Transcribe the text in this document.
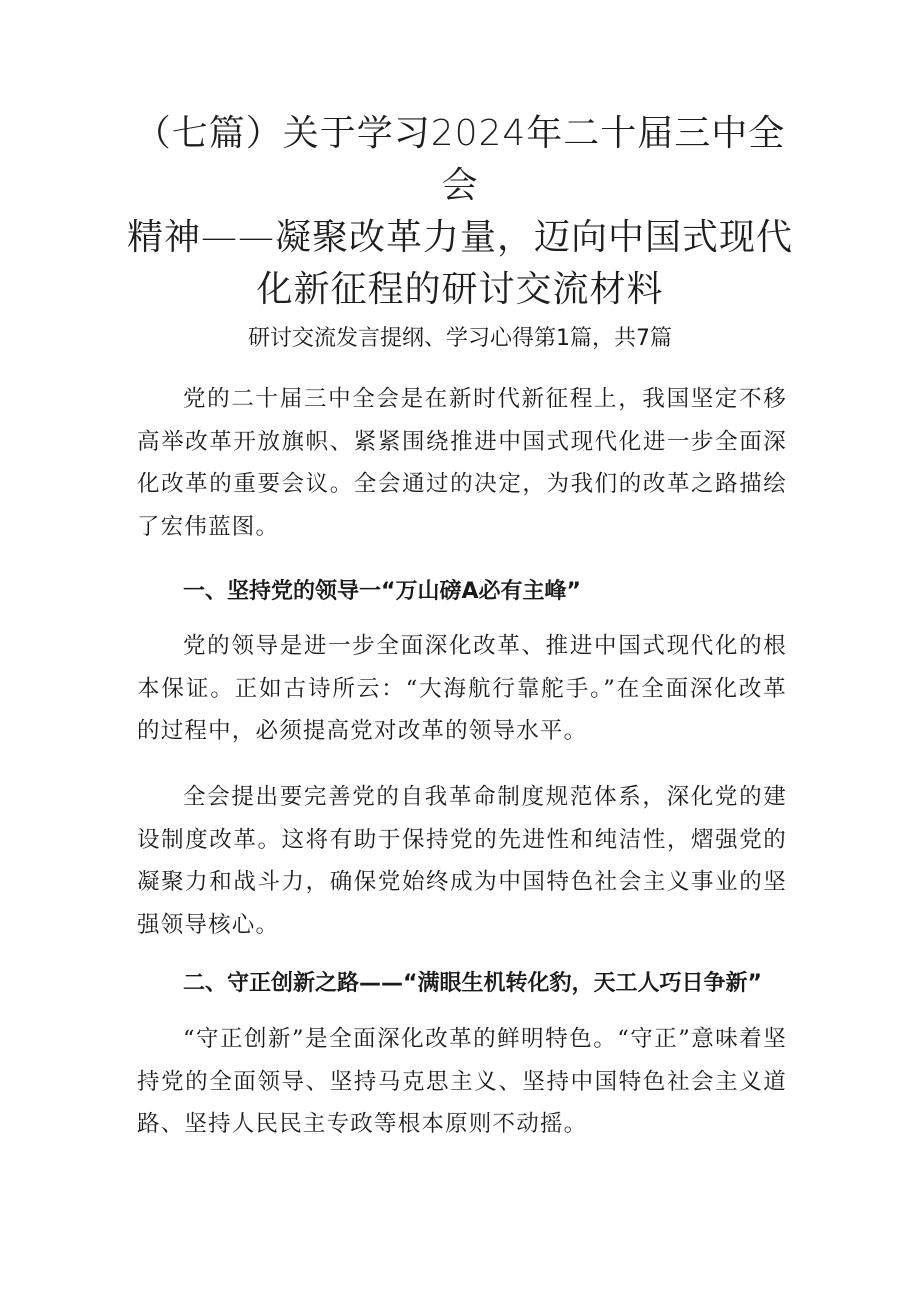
（七篇）关于学习2024年二十届三中全会
精神——凝聚改革力量，迈向中国式现代
化新征程的研讨交流材料
研讨交流发言提纲、学习心得第1篇，共7篇

党的二十届三中全会是在新时代新征程上，我国坚定不移高举改革开放旗帜、紧紧围绕推进中国式现代化进一步全面深化改革的重要会议。全会通过的决定，为我们的改革之路描绘了宏伟蓝图。

一、坚持党的领导一“万山磅A必有主峰”

党的领导是进一步全面深化改革、推进中国式现代化的根本保证。正如古诗所云：“大海航行靠舵手。”在全面深化改革的过程中，必须提高党对改革的领导水平。

全会提出要完善党的自我革命制度规范体系，深化党的建设制度改革。这将有助于保持党的先进性和纯洁性，熠强党的凝聚力和战斗力，确保党始终成为中国特色社会主义事业的坚强领导核心。

二、守正创新之路——“满眼生机转化豹，天工人巧日争新”

“守正创新”是全面深化改革的鲜明特色。“守正”意味着坚持党的全面领导、坚持马克思主义、坚持中国特色社会主义道路、坚持人民民主专政等根本原则不动摇。
